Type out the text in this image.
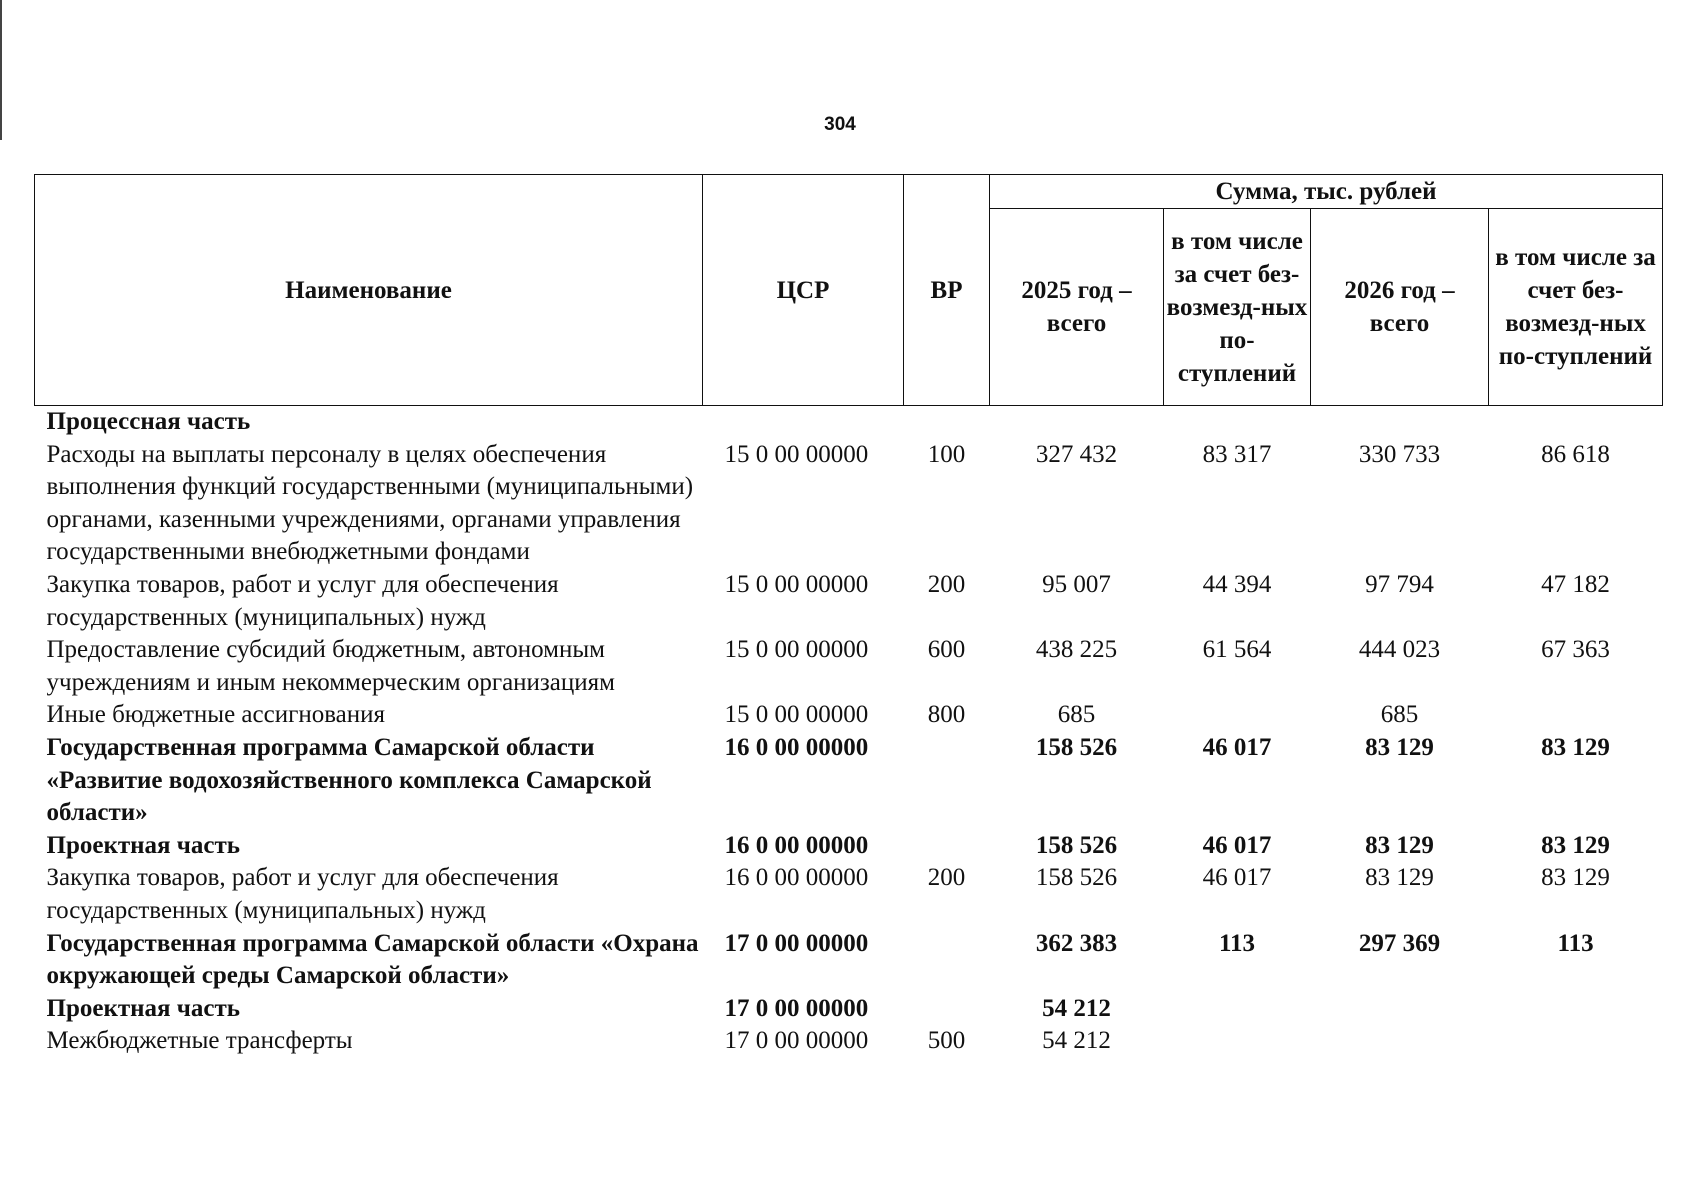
304
Наименование	ЦСР	ВР	Сумма, тыс. рублей			
			2025 год – всего	в том числе за счет без-возмезд-ных по-ступлений	2026 год – всего	в том числе за счет без-возмезд-ных по-ступлений
Процессная часть						
Расходы на выплаты персоналу в целях обеспечения выполнения функций государственными (муниципальными) органами, казенными учреждениями, органами управления государственными внебюджетными фондами	15 0 00 00000	100	327 432	83 317	330 733	86 618
Закупка товаров, работ и услуг для обеспечения государственных (муниципальных) нужд	15 0 00 00000	200	95 007	44 394	97 794	47 182
Предоставление субсидий бюджетным, автономным учреждениям и иным некоммерческим организациям	15 0 00 00000	600	438 225	61 564	444 023	67 363
Иные бюджетные ассигнования	15 0 00 00000	800	685		685	
Государственная программа Самарской области «Развитие водохозяйственного комплекса Самарской области»	16 0 00 00000		158 526	46 017	83 129	83 129
Проектная часть	16 0 00 00000		158 526	46 017	83 129	83 129
Закупка товаров, работ и услуг для обеспечения государственных (муниципальных) нужд	16 0 00 00000	200	158 526	46 017	83 129	83 129
Государственная программа Самарской области «Охрана окружающей среды Самарской области»	17 0 00 00000		362 383	113	297 369	113
Проектная часть	17 0 00 00000		54 212			
Межбюджетные трансферты	17 0 00 00000	500	54 212			
